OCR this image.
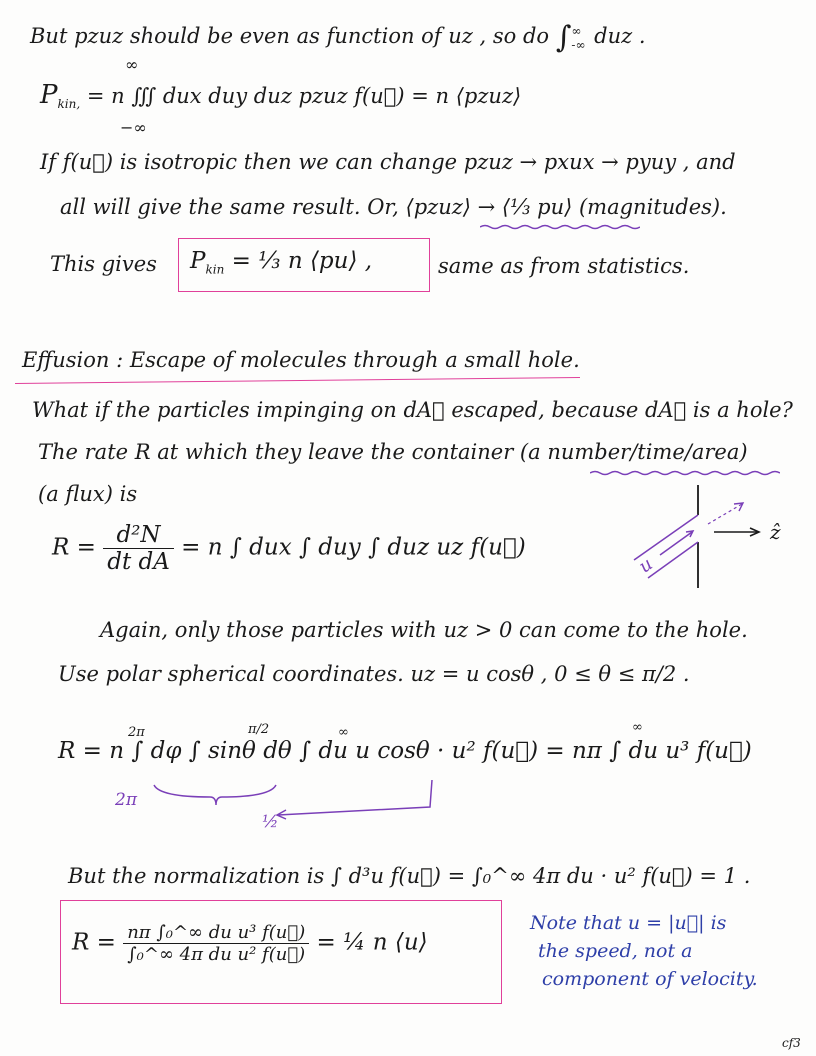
But pzuz should be even as function of uz , so do ∫ ∞
-∞ duz .
∞
$P_{kin,} = n$ ∭ dux duy duz pzuz f(u⃗) = n ⟨pzuz⟩
−∞
If f(u⃗) is isotropic then we can change pzuz → pxux → pyuy , and
all will give the same result. Or, ⟨pzuz⟩ → ⟨⅓ pu⟩ (magnitudes).
This gives $P_{kin}$ = ⅓ n ⟨pu⟩ ,	same as from statistics.
Effusion : Escape of molecules through a small hole.
What if the particles impinging on dA⃗ escaped, because dA⃗ is a hole?
The rate R at which they leave the container (a number/time/area)
(a flux) is
$R = \frac{\text{d²N}}{\text{dt dA}} = n$ ∫ dux ∫ duy ∫ duz uz f(u⃗)
u
ẑ
Again, only those particles with uz > 0 can come to the hole.
Use polar spherical coordinates. uz = u cosθ , 0 ≤ θ ≤ π/2 .
R = n ∫ dφ ∫ sinθ dθ ∫ du u cosθ · u² f(u⃗) = nπ ∫ du u³ f(u⃗)
2π	π/2	∞	∞
2π
½
But the normalization is ∫ d³u f(u⃗) = ∫₀^∞ 4π du · u² f(u⃗) = 1 .
$R = \frac{\text{nπ ∫₀\textasciicircum{}∞ du u³ f(u⃗)}}{\text{∫₀\textasciicircum{}∞ 4π du u² f(u⃗)}}$ = ¼ n ⟨u⟩
Note that u = |u⃗| is
the speed, not a
component of velocity.
cf3
